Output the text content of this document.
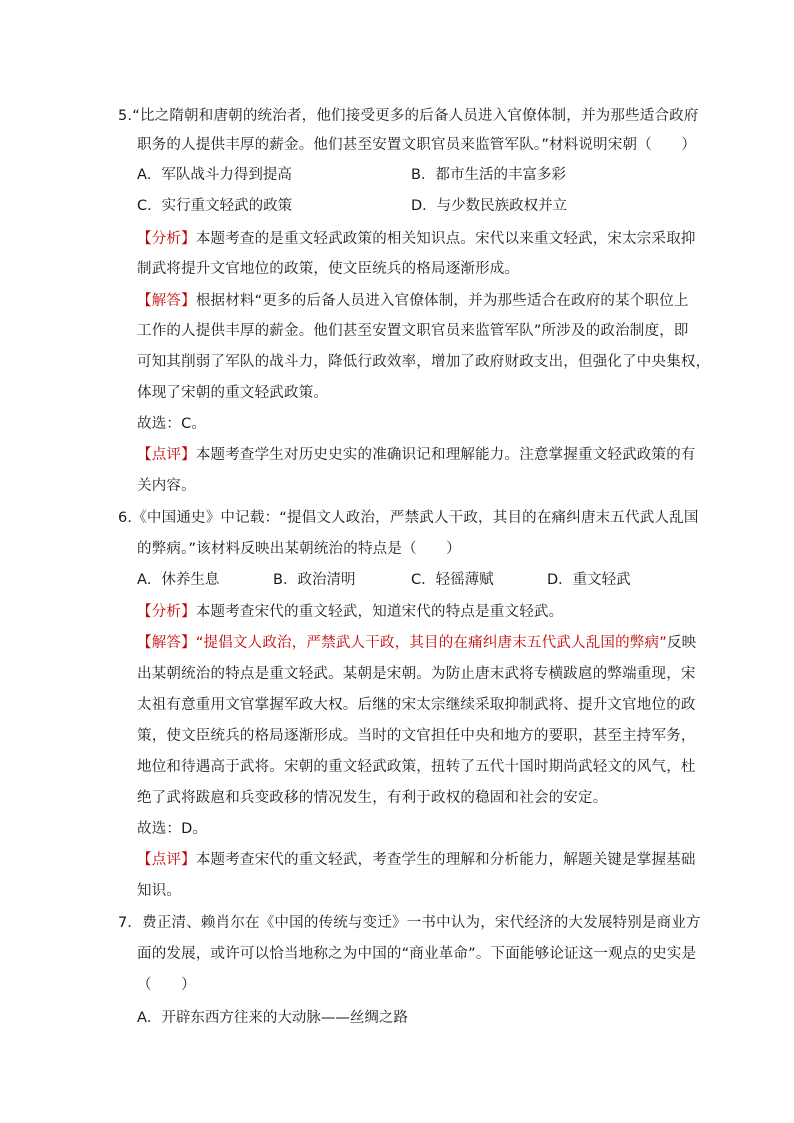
5.“比之隋朝和唐朝的统治者，他们接受更多的后备人员进入官僚体制，并为那些适合政府
职务的人提供丰厚的薪金。他们甚至安置文职官员来监管军队。”材料说明宋朝（　　）
A．军队战斗力得到提高	B．都市生活的丰富多彩
C．实行重文轻武的政策	D．与少数民族政权并立
【分析】本题考查的是重文轻武政策的相关知识点。宋代以来重文轻武，宋太宗采取抑
制武将提升文官地位的政策，使文臣统兵的格局逐渐形成。
【解答】根据材料“更多的后备人员进入官僚体制，并为那些适合在政府的某个职位上
工作的人提供丰厚的薪金。他们甚至安置文职官员来监管军队”所涉及的政治制度，即
可知其削弱了军队的战斗力，降低行政效率，增加了政府财政支出，但强化了中央集权，
体现了宋朝的重文轻武政策。
故选：C。
【点评】本题考查学生对历史史实的准确识记和理解能力。注意掌握重文轻武政策的有
关内容。
6.《中国通史》中记载：“提倡文人政治，严禁武人干政，其目的在痛纠唐末五代武人乱国
的弊病。”该材料反映出某朝统治的特点是（　　）
A．休养生息	B．政治清明	C．轻徭薄赋	D．重文轻武
【分析】本题考查宋代的重文轻武，知道宋代的特点是重文轻武。
【解答】“提倡文人政治，严禁武人干政，其目的在痛纠唐末五代武人乱国的弊病”反映
出某朝统治的特点是重文轻武。某朝是宋朝。为防止唐末武将专横跋扈的弊端重现，宋
太祖有意重用文官掌握军政大权。后继的宋太宗继续采取抑制武将、提升文官地位的政
策，使文臣统兵的格局逐渐形成。当时的文官担任中央和地方的要职，甚至主持军务，
地位和待遇高于武将。宋朝的重文轻武政策，扭转了五代十国时期尚武轻文的风气，杜
绝了武将跋扈和兵变政移的情况发生，有利于政权的稳固和社会的安定。
故选：D。
【点评】本题考查宋代的重文轻武，考查学生的理解和分析能力，解题关键是掌握基础
知识。
7．费正清、赖肖尔在《中国的传统与变迁》一书中认为，宋代经济的大发展特别是商业方
面的发展，或许可以恰当地称之为中国的“商业革命”。下面能够论证这一观点的史实是
（　　）
A．开辟东西方往来的大动脉——丝绸之路
